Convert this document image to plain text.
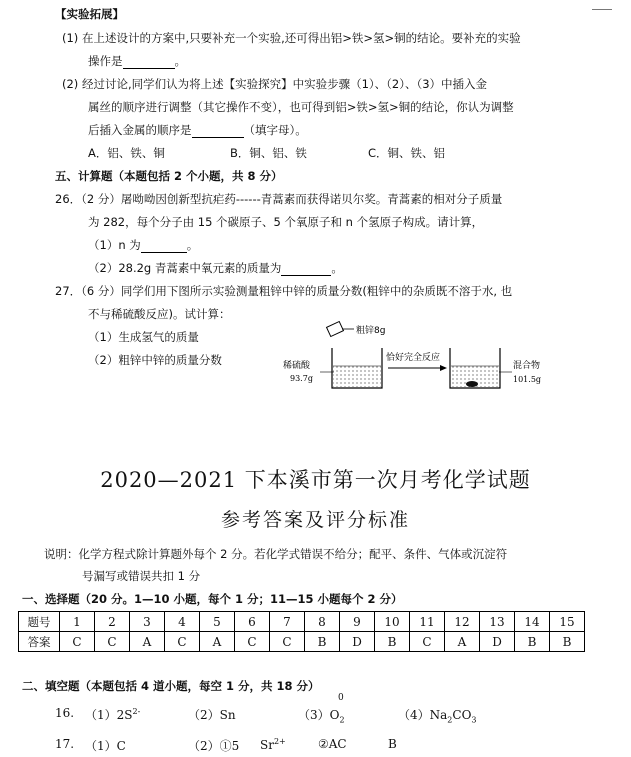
【实验拓展】
(1) 在上述设计的方案中,只要补充一个实验,还可得出铝>铁>氢>铜的结论。要补充的实验
操作是	。
(2) 经过讨论,同学们认为将上述【实验探究】中实验步骤（1）、（2）、（3）中插入金
属丝的顺序进行调整（其它操作不变），也可得到铝>铁>氢>铜的结论，你认为调整
后插入金属的顺序是	（填字母）。
A．铝、铁、铜	B．铜、铝、铁	C．铜、铁、铝
五、计算题（本题包括 2 个小题，共 8 分）
26．（2 分）屠呦呦因创新型抗疟药------青蒿素而获得诺贝尔奖。青蒿素的相对分子质量
为 282，每个分子由 15 个碳原子、5 个氧原子和 n 个氢原子构成。请计算，
（1）n 为	。
（2）28.2g 青蒿素中氧元素的质量为	。
27．（6 分）同学们用下图所示实验测量粗锌中锌的质量分数(粗锌中的杂质既不溶于水, 也
不与稀硫酸反应)。试计算：
（1）生成氢气的质量
（2）粗锌中锌的质量分数
粗锌8g
稀硫酸
93.7g
恰好完全反应
混合物
101.5g
2020—2021 下本溪市第一次月考化学试题
参考答案及评分标准
说明：化学方程式除计算题外每个 2 分。若化学式错误不给分；配平、条件、气体或沉淀符
号漏写或错误共扣 1 分
一、选择题（20 分。1—10 小题，每个 1 分；11—15 小题每个 2 分）
题号	1	2	3	4	5	6	7	8	9	10	11	12	13	14	15
答案	C	C	A	C	A	C	C	B	D	B	C	A	D	B	B
二、填空题（本题包括 4 道小题，每空 1 分，共 18 分）
16. $(1)2S^{2-}$	（2）Sn	$(3)O_2$
0
$(4)Na_2CO_3$
17. （1）C	（2）①5 $Sr^{2+}$	②AC	B
